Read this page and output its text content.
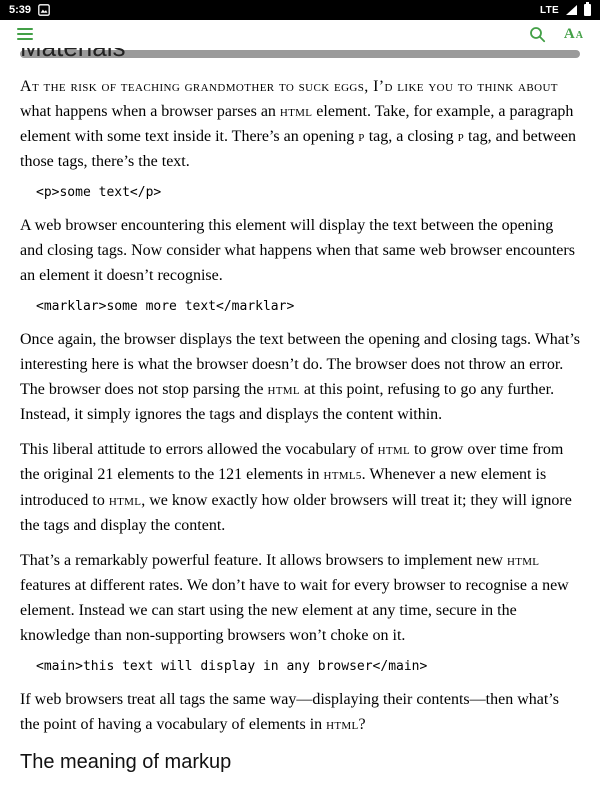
5:39	LTE
A A

At the risk of teaching grandmother to suck eggs, I’d like you to think about what happens when a browser parses an HTML element. Take, for example, a paragraph element with some text inside it. There’s an opening P tag, a closing P tag, and between those tags, there’s the text.

<p>some text</p>

A web browser encountering this element will display the text between the opening and closing tags. Now consider what happens when that same web browser encounters an element it doesn’t recognise.

<marklar>some more text</marklar>

Once again, the browser displays the text between the opening and closing tags. What’s interesting here is what the browser doesn’t do. The browser does not throw an error. The browser does not stop parsing the HTML at this point, refusing to go any further. Instead, it simply ignores the tags and displays the content within.

This liberal attitude to errors allowed the vocabulary of HTML to grow over time from the original 21 elements to the 121 elements in HTML5. Whenever a new element is introduced to HTML, we know exactly how older browsers will treat it; they will ignore the tags and display the content.

That’s a remarkably powerful feature. It allows browsers to implement new HTML features at different rates. We don’t have to wait for every browser to recognise a new element. Instead we can start using the new element at any time, secure in the knowledge than non-supporting browsers won’t choke on it.

<main>this text will display in any browser</main>

If web browsers treat all tags the same way—displaying their contents—then what’s the point of having a vocabulary of elements in HTML?

The meaning of markup
